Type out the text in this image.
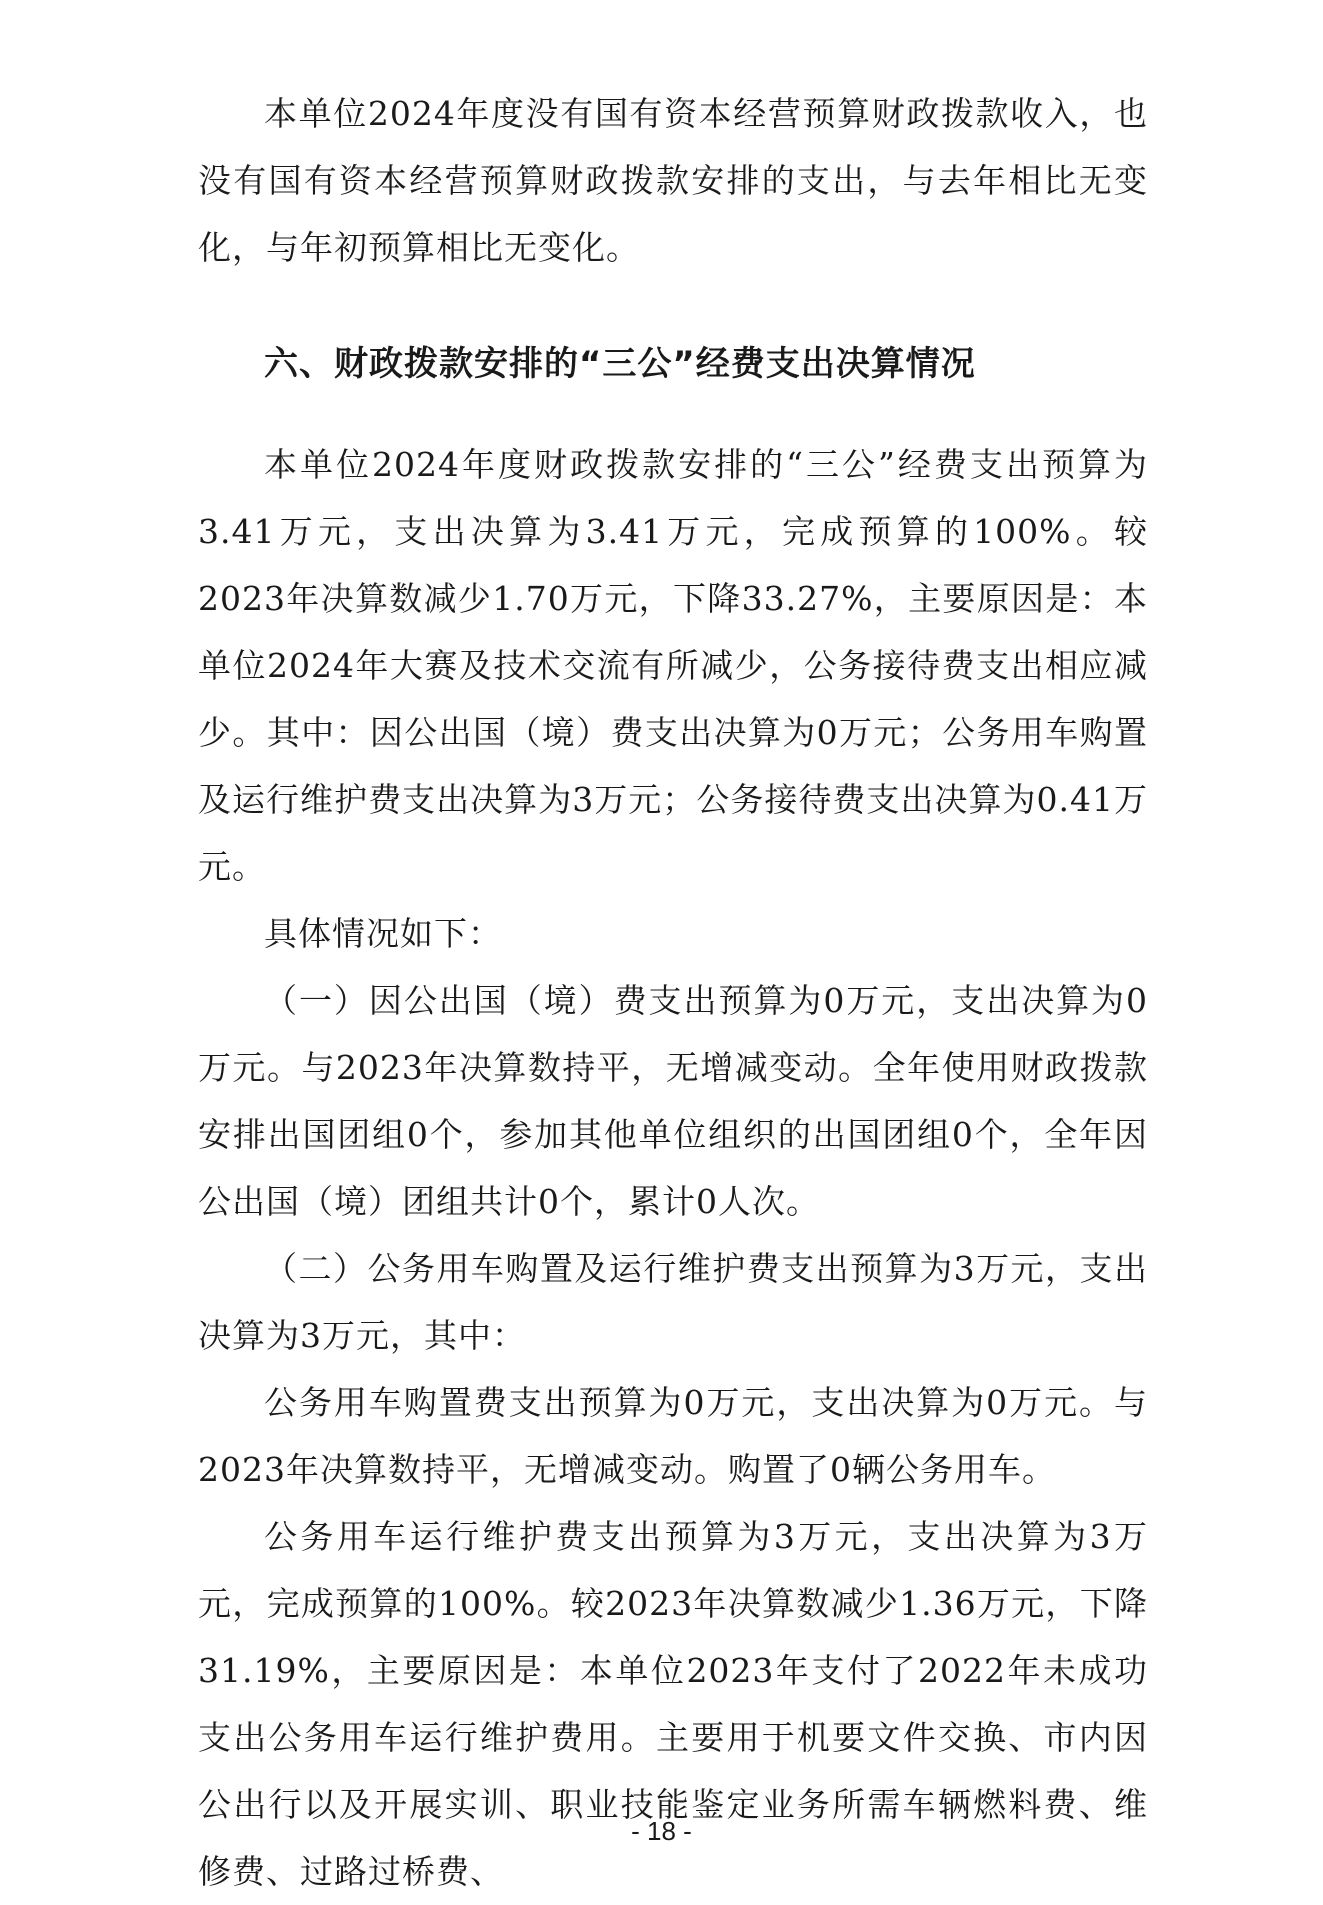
本单位2024年度没有国有资本经营预算财政拨款收入，也没有国有资本经营预算财政拨款安排的支出，与去年相比无变化，与年初预算相比无变化。

六、财政拨款安排的“三公”经费支出决算情况

本单位2024年度财政拨款安排的“三公”经费支出预算为3.41万元，支出决算为3.41万元，完成预算的100%。较2023年决算数减少1.70万元，下降33.27%，主要原因是：本单位2024年大赛及技术交流有所减少，公务接待费支出相应减少。其中：因公出国（境）费支出决算为0万元；公务用车购置及运行维护费支出决算为3万元；公务接待费支出决算为0.41万元。

具体情况如下：

（一）因公出国（境）费支出预算为0万元，支出决算为0万元。与2023年决算数持平，无增减变动。全年使用财政拨款安排出国团组0个，参加其他单位组织的出国团组0个，全年因公出国（境）团组共计0个，累计0人次。

（二）公务用车购置及运行维护费支出预算为3万元，支出决算为3万元，其中：

公务用车购置费支出预算为0万元，支出决算为0万元。与2023年决算数持平，无增减变动。购置了0辆公务用车。

公务用车运行维护费支出预算为3万元，支出决算为3万元，完成预算的100%。较2023年决算数减少1.36万元，下降31.19%，主要原因是：本单位2023年支付了2022年未成功支出公务用车运行维护费用。主要用于机要文件交换、市内因公出行以及开展实训、职业技能鉴定业务所需车辆燃料费、维修费、过路过桥费、

- 18 -
